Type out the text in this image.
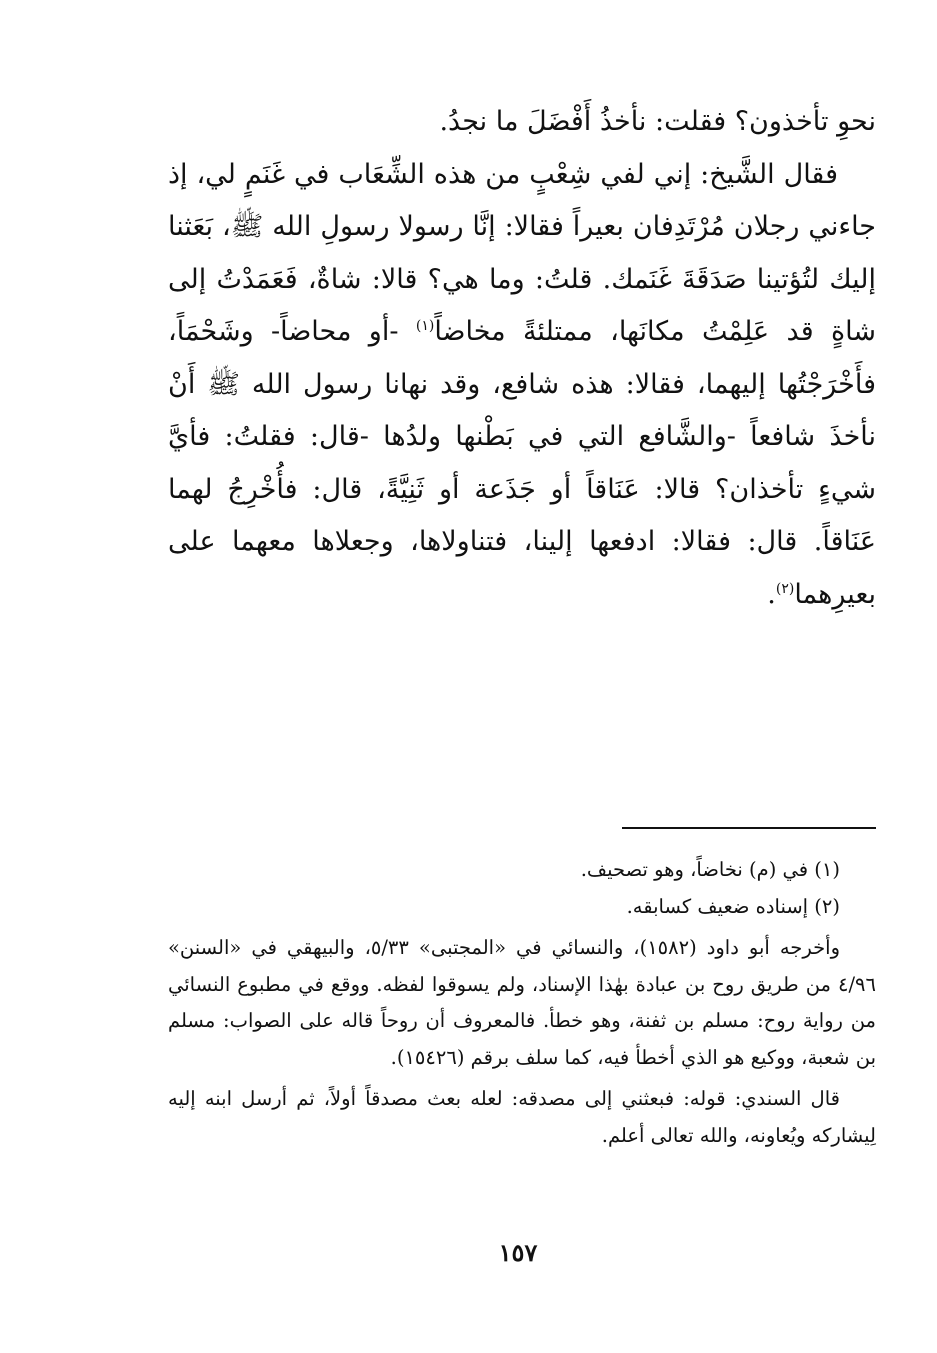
نحوِ تأخذون؟ فقلت: نأخذُ أَفْضَلَ ما نجدُ.

فقال الشَّيخ: إني لفي شِعْبٍ من هذه الشِّعَاب في غَنَمٍ لي، إذ جاءني رجلان مُرْتَدِفان بعيراً فقالا: إنَّا رسولا رسولِ الله ﷺ، بَعَثنا إليك لتُؤتينا صَدَقَةَ غَنَمك. قلتُ: وما هي؟ قالا: شاةٌ، فَعَمَدْتُ إلى شاةٍ قد عَلِمْتُ مكانَها، ممتلئةً مخاضاً$^{(١)}$ -أو محاضاً- وشَحْمَاً، فأَخْرَجْتُها إليهما، فقالا: هذه شافع، وقد نهانا رسول الله ﷺ أَنْ نأخذَ شافعاً -والشَّافع التي في بَطْنها ولدُها -قال: فقلتُ: فأيَّ شيءٍ تأخذان؟ قالا: عَنَاقاً أو جَذَعة أو ثَنِيَّةً، قال: فأُخْرِجُ لهما عَنَاقاً. قال: فقالا: ادفعها إلينا، فتناولاها، وجعلاها معهما على بعيرِهما$^{(٢)}$.

(١) في (م) نخاضاً، وهو تصحيف.

(٢) إسناده ضعيف كسابقه.

وأخرجه أبو داود (١٥٨٢)، والنسائي في «المجتبى» ٥/٣٣، والبيهقي في «السنن» ٤/٩٦ من طريق روح بن عبادة بهٰذا الإسناد، ولم يسوقوا لفظه. ووقع في مطبوع النسائي من رواية روح: مسلم بن ثفنة، وهو خطأ. فالمعروف أن روحاً قاله على الصواب: مسلم بن شعبة، ووكيع هو الذي أخطأ فيه، كما سلف برقم (١٥٤٢٦).

قال السندي: قوله: فبعثني إلى مصدقه: لعله بعث مصدقاً أولاً، ثم أرسل ابنه إليه لِيشاركه ويُعاونه، والله تعالى أعلم.

١٥٧
